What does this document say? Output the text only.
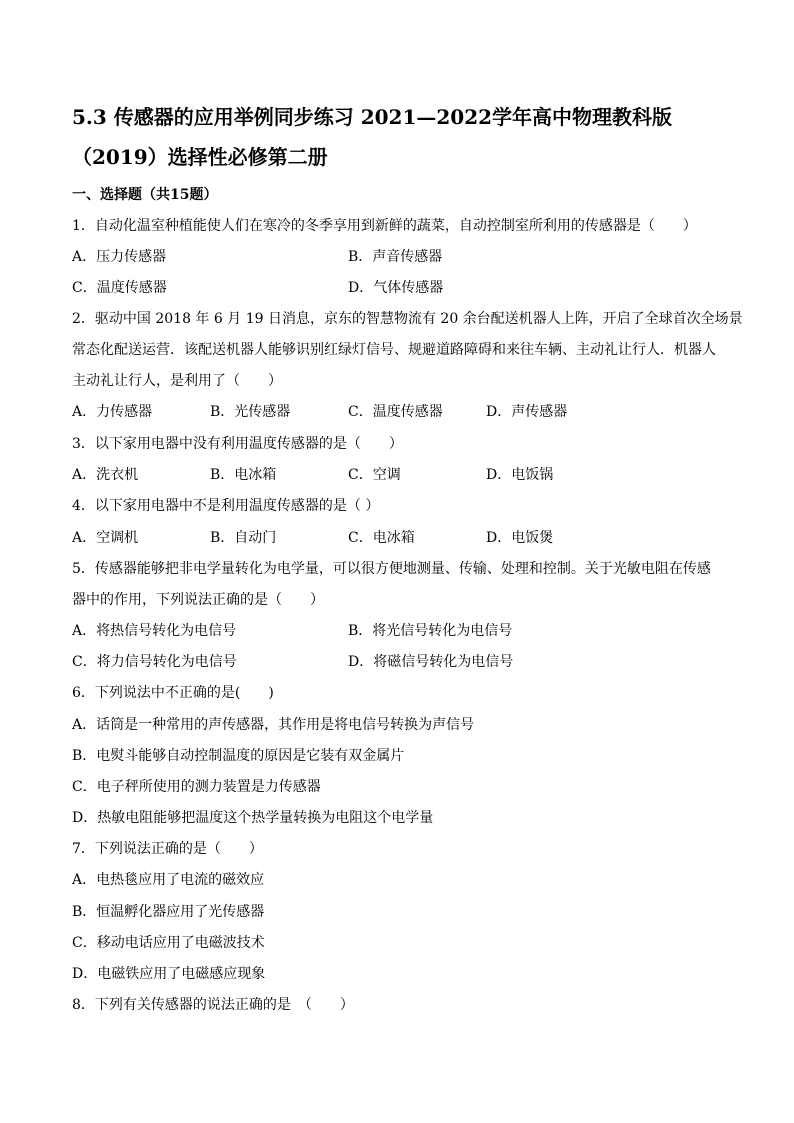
5.3 传感器的应用举例同步练习 2021—2022学年高中物理教科版
（2019）选择性必修第二册
一、选择题（共15题）
1．自动化温室种植能使人们在寒冷的冬季享用到新鲜的蔬菜，自动控制室所利用的传感器是（　　）
A．压力传感器	B．声音传感器
C．温度传感器	D．气体传感器
2．驱动中国 2018 年 6 月 19 日消息，京东的智慧物流有 20 余台配送机器人上阵，开启了全球首次全场景
常态化配送运营．该配送机器人能够识别红绿灯信号、规避道路障碍和来往车辆、主动礼让行人．机器人
主动礼让行人，是利用了（　　）
A．力传感器	B．光传感器	C．温度传感器	D．声传感器
3．以下家用电器中没有利用温度传感器的是（　　）
A．洗衣机	B．电冰箱	C．空调	D．电饭锅
4．以下家用电器中不是利用温度传感器的是（ ）
A．空调机	B．自动门	C．电冰箱	D．电饭煲
5．传感器能够把非电学量转化为电学量，可以很方便地测量、传输、处理和控制。关于光敏电阻在传感
器中的作用，下列说法正确的是（　　）
A．将热信号转化为电信号	B．将光信号转化为电信号
C．将力信号转化为电信号	D．将磁信号转化为电信号
6．下列说法中不正确的是(　　)
A．话筒是一种常用的声传感器，其作用是将电信号转换为声信号
B．电熨斗能够自动控制温度的原因是它装有双金属片
C．电子秤所使用的测力装置是力传感器
D．热敏电阻能够把温度这个热学量转换为电阻这个电学量
7．下列说法正确的是（　　）
A．电热毯应用了电流的磁效应
B．恒温孵化器应用了光传感器
C．移动电话应用了电磁波技术
D．电磁铁应用了电磁感应现象
8．下列有关传感器的说法正确的是　（　　）
